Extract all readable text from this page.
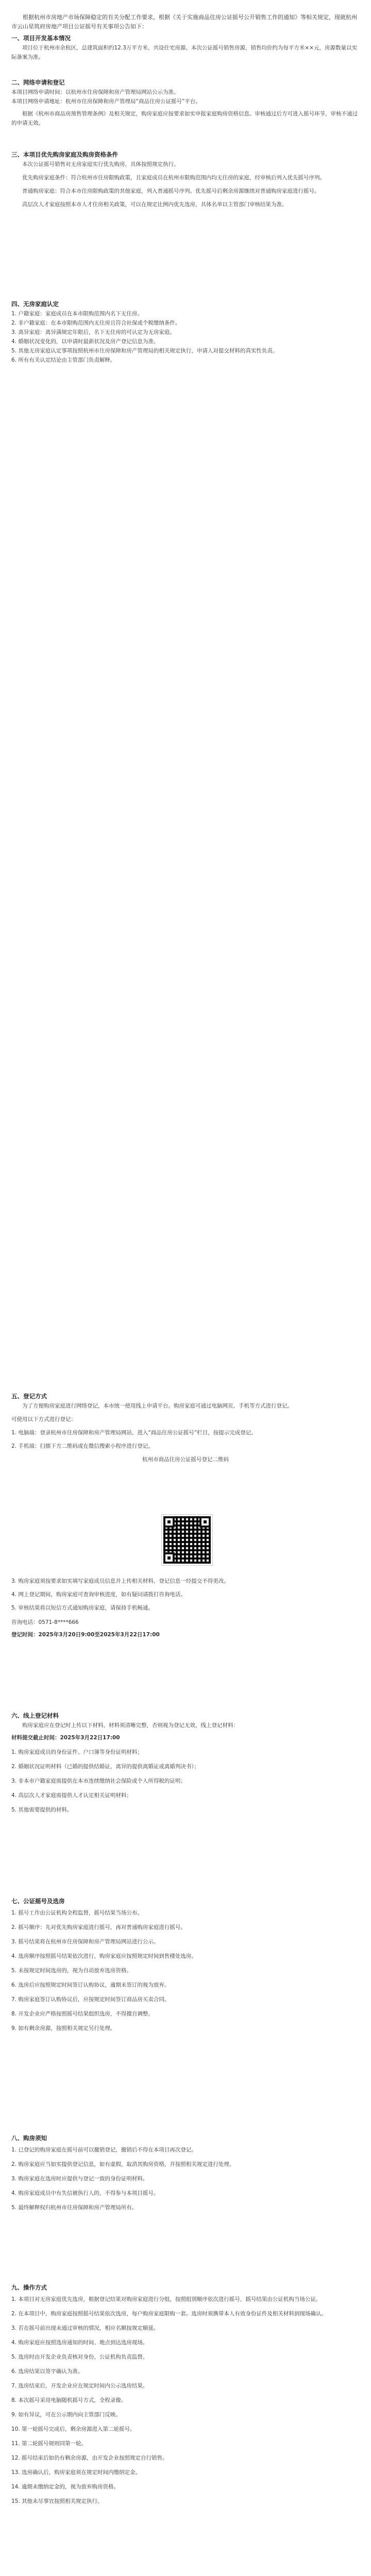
根据杭州市房地产市场保障稳定的有关分配工作要求，根据《关于实施商品住房公证摇号公开销售工作的通知》等相关规定，现就杭州市云山星筑府房地产项目公证摇号有关事项公告如下：

一、项目开发基本情况

项目位于杭州市余杭区，总建筑面积约12.3万平方米，共设住宅房源。本次公证摇号销售房源，销售均价约为每平方米××元，房源数量以实际备案为准。

二、网络申请和登记

本项目网络申请时间：以杭州市住房保障和房产管理局网站公示为准。

本项目网络申请地址：杭州市住房保障和房产管理局“商品住房公证摇号”平台。

根据《杭州市商品房预售管理条例》及相关规定，购房家庭应按要求如实申报家庭购房资格信息。审核通过后方可进入摇号环节，审核不通过的申请无效。

三、本项目优先购房家庭及购房资格条件

本次公证摇号销售对无房家庭实行优先购房，具体按照规定执行。

优先购房家庭条件：符合杭州市住房限购政策，且家庭成员在杭州市限购范围内均无住房的家庭，经审核后列入优先摇号序列。

普通购房家庭：符合本市住房限购政策的其他家庭，列入普通摇号序列。优先摇号后剩余房源继续对普通购房家庭进行摇号。

高层次人才家庭按照本市人才住房相关政策，可以在规定比例内优先选房，具体名单以主管部门审核结果为准。

四、无房家庭认定

1. 户籍家庭：家庭成员在本市限购范围内名下无住房。

2. 非户籍家庭：在本市限购范围内无住房且符合社保或个税缴纳条件。

3. 离异家庭：离异满规定年限后，名下无住房的可认定为无房家庭。

4. 婚姻状况变化的，以申请时最新状况及房产登记信息为准。

5. 其他无房家庭认定事项按照杭州市住房保障和房产管理局的相关规定执行，申请人对提交材料的真实性负责。

6. 所有有关认定结论由主管部门负责解释。

五、登记方式

为了方便购房家庭进行网络登记，本市统一使用线上申请平台。购房家庭可通过电脑网页、手机等方式进行登记。

可使用以下方式进行登记：

1. 电脑端：登录杭州市住房保障和房产管理局网站，进入“商品住房公证摇号”栏目，按提示完成登记。

2. 手机端：扫描下方二维码或在微信搜索小程序进行登记。

杭州市商品住房公证摇号登记二维码

3. 购房家庭须按要求如实填写家庭成员信息并上传相关材料，登记信息一经提交不得更改。

4. 网上登记期间，购房家庭可查询审核进度，如有疑问请拨打咨询电话。

5. 审核结果将以短信方式通知购房家庭，请保持手机畅通。

咨询电话：0571-8****666

登记时间：2025年3月20日9:00至2025年3月22日17:00

六、线上登记材料

购房家庭应在登记时上传以下材料，材料须清晰完整，否则视为登记无效，线上登记材料：

材料提交截止时间：2025年3月22日17:00

1. 购房家庭成员的身份证件、户口簿等身份证明材料；

2. 婚姻状况证明材料（已婚的提供结婚证，离异的提供离婚证或离婚判决书）；

3. 非本市户籍家庭需提供在本市连续缴纳社会保险或个人所得税的证明；

4. 高层次人才家庭需提供人才认定相关证明材料；

5. 其他需要提供的材料。

七、公证摇号及选房

1. 摇号工作由公证机构全程监督，摇号结果当场公布。

2. 摇号顺序：先对优先购房家庭进行摇号，再对普通购房家庭进行摇号。

3. 摇号结果将在杭州市住房保障和房产管理局网站进行公示。

4. 选房顺序按照摇号结果依次进行，购房家庭应按照规定时间到售楼处选房。

5. 未按规定时间选房的，视为自动放弃选房资格。

6. 选房后应按照规定时间签订认购协议，逾期未签订的视为放弃。

7. 购房家庭签订认购协议后，应按规定时间签订商品房买卖合同。

8. 开发企业应严格按照摇号结果组织选房，不得擅自调整。

9. 如有剩余房源，按照相关规定另行处理。

八、购房须知

1. 已登记的购房家庭在摇号前可以撤销登记，撤销后不得在本项目再次登记。

2. 购房家庭应当如实提供登记信息，如有虚假，取消其购房资格，并按照相关规定进行处理。

3. 购房家庭在选房时应提供与登记一致的身份证明材料。

4. 购房家庭成员中有失信被执行人的，不得参与本项目摇号。

5. 最终解释权归杭州市住房保障和房产管理局所有。

九、操作方式

1. 本项目对无房家庭优先选房，根据登记结果对购房家庭进行分组，按照组别顺序依次进行摇号，摇号结果由公证机构当场公证。

2. 在本项目中，购房家庭按照摇号结果依次选房，每户购房家庭限购一套。选房时须携带本人有效身份证件及相关材料到现场确认。

3. 若在摇号前出现未通过审核的情况，相应名额按规定顺延。

4. 购房家庭应按照选房通知的时间、地点到达选房现场。

5. 选房时由开发企业负责核对身份，公证机构负责监督。

6. 选房结果以签字确认为准。

7. 选房结束后，开发企业应在规定时间内公示选房结果。

8. 本次摇号采用电脑随机摇号方式，全程录像。

9. 如有异议，可在公示期内向主管部门反映。

10. 第一轮摇号完成后，剩余房源进入第二轮摇号。

11. 第二轮摇号规则同第一轮。

12. 摇号结束后如仍有剩余房源，由开发企业按照规定自行销售。

13. 选房确认后，购房家庭须在规定时间内缴纳定金。

14. 逾期未缴纳定金的，视为放弃购房资格。

15. 其他未尽事宜按照相关规定执行。
